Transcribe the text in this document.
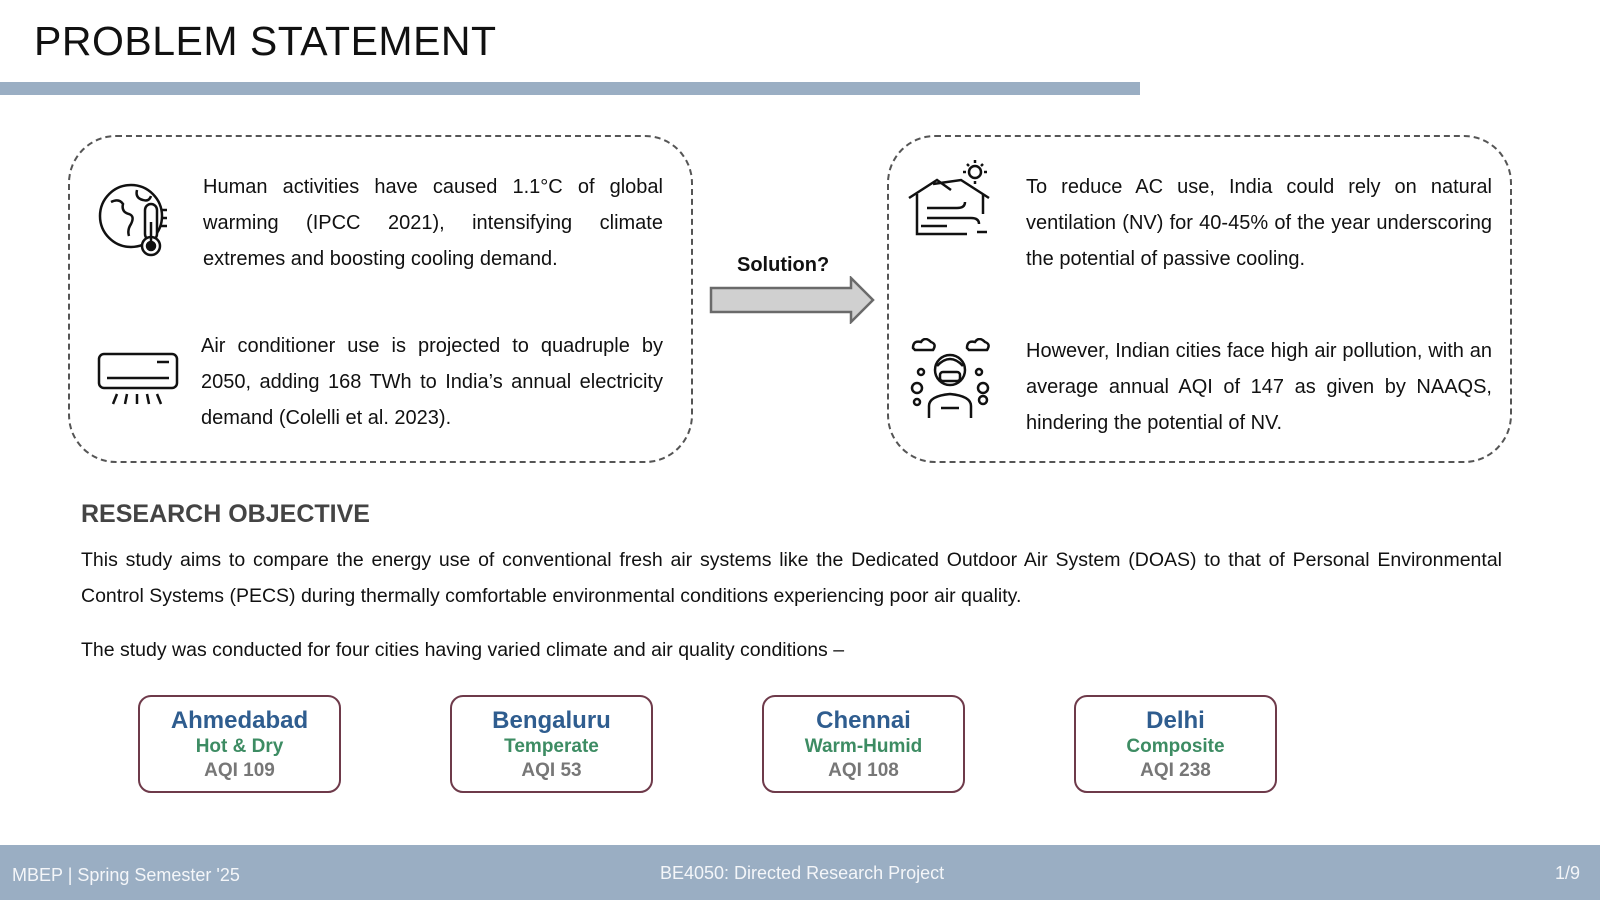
PROBLEM STATEMENT

Human activities have caused 1.1°C of global warming (IPCC 2021), intensifying climate extremes and boosting cooling demand.

Air conditioner use is projected to quadruple by 2050, adding 168 TWh to India’s annual electricity demand (Colelli et al. 2023).

Solution?

To reduce AC use, India could rely on natural ventilation (NV) for 40-45% of the year underscoring the potential of passive cooling.

However, Indian cities face high air pollution, with an average annual AQI of 147 as given by NAAQS, hindering the potential of NV.

RESEARCH OBJECTIVE

This study aims to compare the energy use of conventional fresh air systems like the Dedicated Outdoor Air System (DOAS) to that of Personal Environmental Control Systems (PECS) during thermally comfortable environmental conditions experiencing poor air quality.

The study was conducted for four cities having varied climate and air quality conditions –

Ahmedabad
Hot & Dry
AQI 109
Bengaluru
Temperate
AQI 53
Chennai
Warm-Humid
AQI 108
Delhi
Composite
AQI 238
MBEP | Spring Semester '25	BE4050: Directed Research Project	1/9
